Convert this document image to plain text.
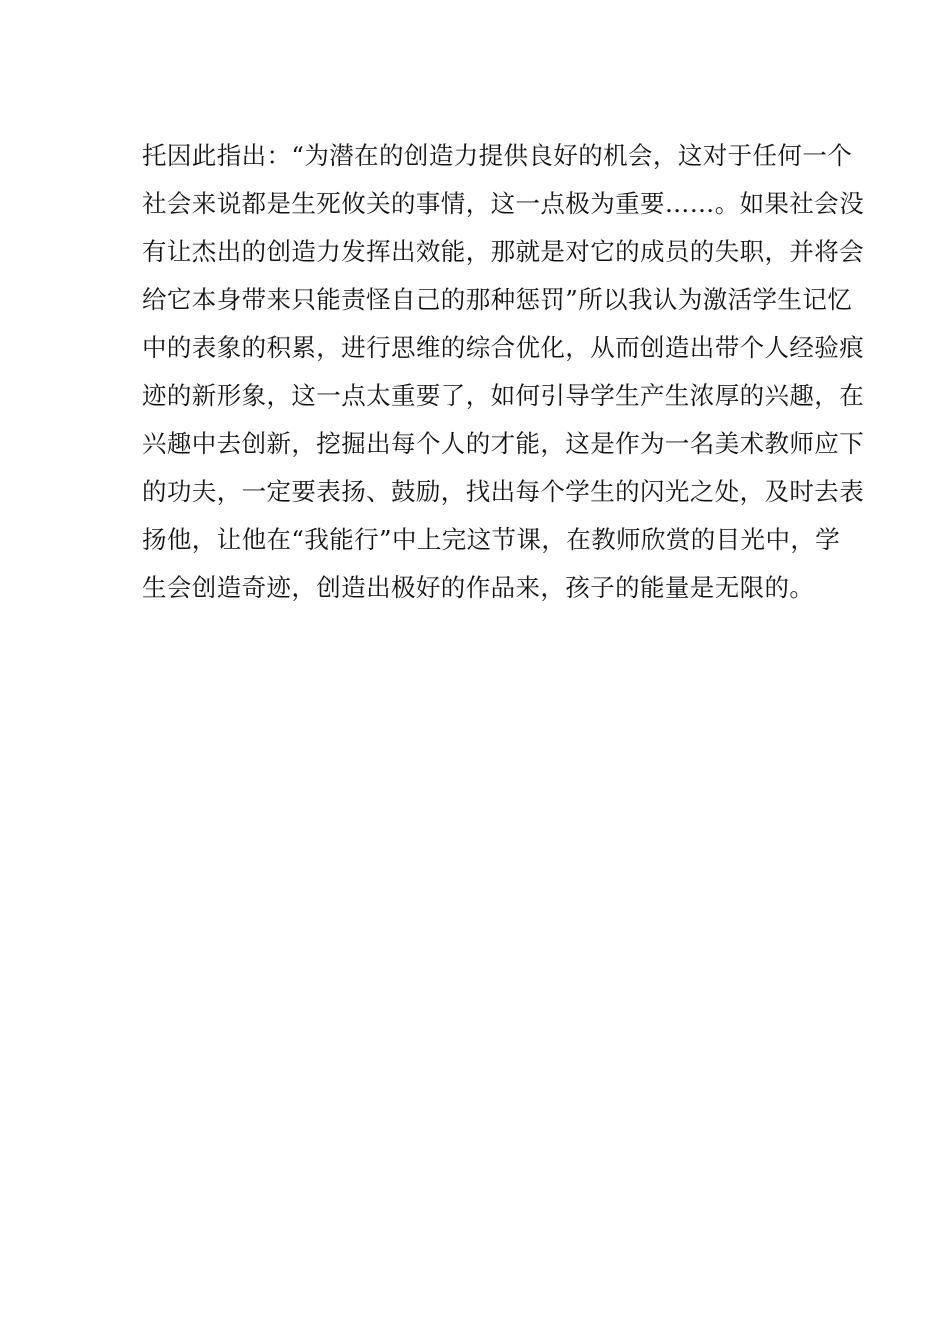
托因此指出：“为潜在的创造力提供良好的机会，这对于任何一个
社会来说都是生死攸关的事情，这一点极为重要……。如果社会没
有让杰出的创造力发挥出效能，那就是对它的成员的失职，并将会
给它本身带来只能责怪自己的那种惩罚”所以我认为激活学生记忆
中的表象的积累，进行思维的综合优化，从而创造出带个人经验痕
迹的新形象，这一点太重要了，如何引导学生产生浓厚的兴趣，在
兴趣中去创新，挖掘出每个人的才能，这是作为一名美术教师应下
的功夫，一定要表扬、鼓励，找出每个学生的闪光之处，及时去表
扬他，让他在“我能行”中上完这节课，在教师欣赏的目光中，学
生会创造奇迹，创造出极好的作品来，孩子的能量是无限的。
